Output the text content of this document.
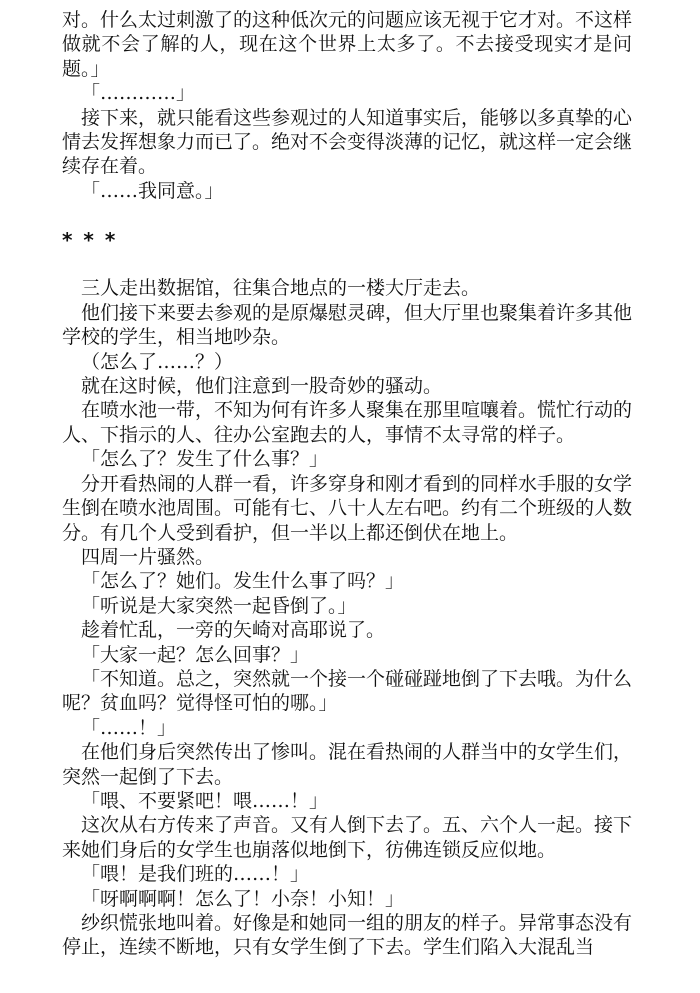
对。什么太过刺激了的这种低次元的问题应该无视于它才对。不这样做就不会了解的人，现在这个世界上太多了。不去接受现实才是问题。」

「…………」

接下来，就只能看这些参观过的人知道事实后，能够以多真挚的心情去发挥想象力而已了。绝对不会变得淡薄的记忆，就这样一定会继续存在着。

「……我同意。」

* * *

三人走出数据馆，往集合地点的一楼大厅走去。

他们接下来要去参观的是原爆慰灵碑，但大厅里也聚集着许多其他学校的学生，相当地吵杂。

（怎么了……？）

就在这时候，他们注意到一股奇妙的骚动。

在喷水池一带，不知为何有许多人聚集在那里喧嚷着。慌忙行动的人、下指示的人、往办公室跑去的人，事情不太寻常的样子。

「怎么了？发生了什么事？」

分开看热闹的人群一看，许多穿身和刚才看到的同样水手服的女学生倒在喷水池周围。可能有七、八十人左右吧。约有二个班级的人数分。有几个人受到看护，但一半以上都还倒伏在地上。

四周一片骚然。

「怎么了？她们。发生什么事了吗？」

「听说是大家突然一起昏倒了。」

趁着忙乱，一旁的矢崎对高耶说了。

「大家一起？怎么回事？」

「不知道。总之，突然就一个接一个碰碰踫地倒了下去哦。为什么呢？贫血吗？觉得怪可怕的哪。」

「……！」

在他们身后突然传出了惨叫。混在看热闹的人群当中的女学生们，突然一起倒了下去。

「喂、不要紧吧！喂……！」

这次从右方传来了声音。又有人倒下去了。五、六个人一起。接下来她们身后的女学生也崩落似地倒下，彷佛连锁反应似地。

「喂！是我们班的……！」

「呀啊啊啊！怎么了！小奈！小知！」

纱织慌张地叫着。好像是和她同一组的朋友的样子。异常事态没有停止，连续不断地，只有女学生倒了下去。学生们陷入大混乱当
